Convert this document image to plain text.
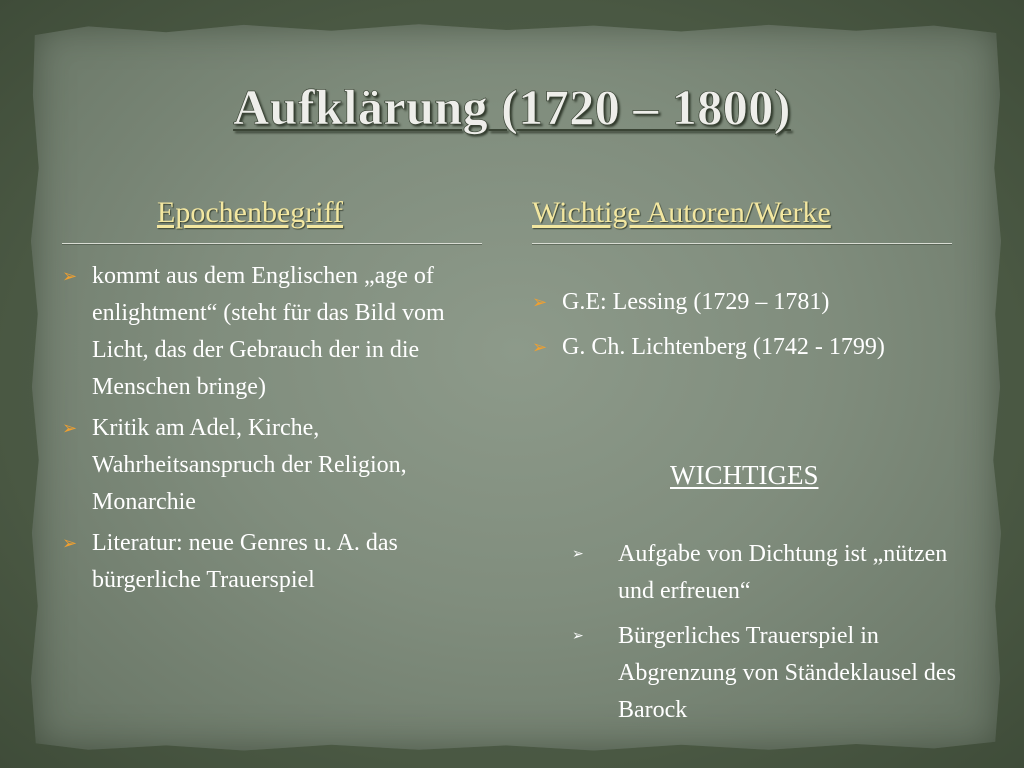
Aufklärung (1720 – 1800)
Epochenbegriff
➢ kommt aus dem Englischen „age of enlightment“ (steht für das Bild vom Licht, das der Gebrauch der in die Menschen bringe)
➢ Kritik am Adel, Kirche, Wahrheitsanspruch der Religion, Monarchie
➢ Literatur: neue Genres u. A. das bürgerliche Trauerspiel
Wichtige Autoren/Werke
➢ G.E: Lessing (1729 – 1781)
➢ G. Ch. Lichtenberg (1742 - 1799)
WICHTIGES
➢ Aufgabe von Dichtung ist „nützen und erfreuen“
➢ Bürgerliches Trauerspiel in Abgrenzung von Ständeklausel des Barock
